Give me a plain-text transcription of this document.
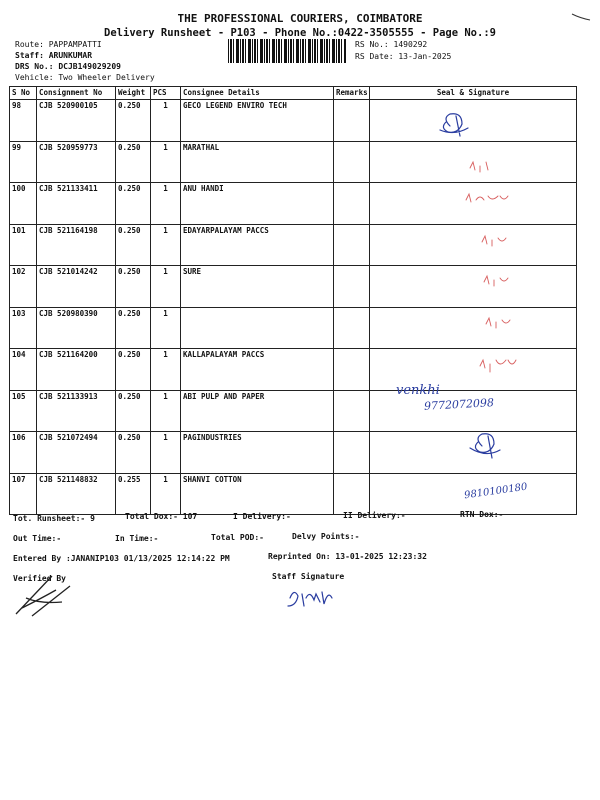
THE PROFESSIONAL COURIERS, COIMBATORE
Delivery Runsheet - P103 - Phone No.:0422-3505555 - Page No.:9
Route: PAPPAMPATTI
Staff: ARUNKUMAR
DRS No.: DCJB149029209
Vehicle: Two Wheeler Delivery
RS No.: 1490292
RS Date: 13-Jan-2025
S No	Consignment No	Weight	PCS	Consignee Details	Remarks	Seal & Signature
98	CJB 520900105	0.250	1	GECO LEGEND ENVIRO TECH		
99	CJB 520959773	0.250	1	MARATHAL		
100	CJB 521133411	0.250	1	ANU HANDI		
101	CJB 521164198	0.250	1	EDAYARPALAYAM PACCS		
102	CJB 521014242	0.250	1	SURE		
103	CJB 520980390	0.250	1			
104	CJB 521164200	0.250	1	KALLAPALAYAM PACCS		
105	CJB 521133913	0.250	1	ABI PULP AND PAPER		
106	CJB 521072494	0.250	1	PAGINDUSTRIES		
107	CJB 521148832	0.255	1	SHANVI COTTON		
venkhi
9772072098
9810100180
Tot. Runsheet:- 9	Total Dox:- 107	I Delivery:-	II Delivery:-	RTN Dox:-
Out Time:-	In Time:-	Total POD:-	Delvy Points:-
Entered By :JANANIP103 01/13/2025 12:14:22 PM	Reprinted On: 13-01-2025 12:23:32
Verified By	Staff Signature
